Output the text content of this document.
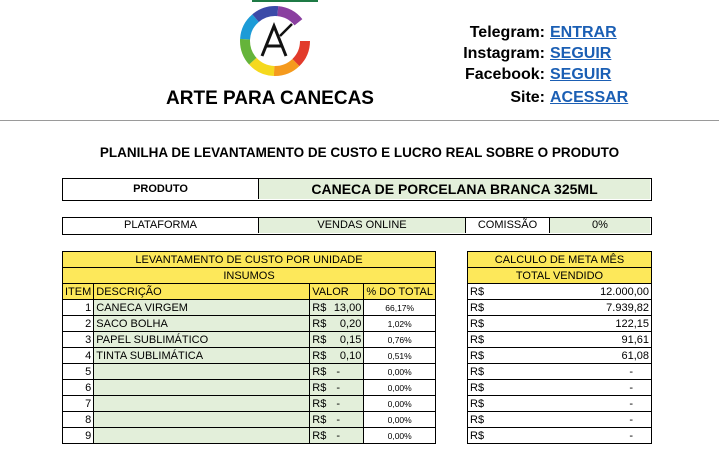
ARTE PARA CANECAS
Telegram: ENTRAR
Instagram: SEGUIR
Facebook: SEGUIR
Site: ACESSAR
PLANILHA DE LEVANTAMENTO DE CUSTO E LUCRO REAL SOBRE O PRODUTO
PRODUTO	CANECA DE PORCELANA BRANCA 325ML
PLATAFORMA	VENDAS ONLINE	COMISSÃO	0%
LEVANTAMENTO DE CUSTO POR UNIDADE			
INSUMOS			
ITEM	DESCRIÇÃO	VALOR	% DO TOTAL
1	CANECA VIRGEM	R$ 13,00	66,17%
2	SACO BOLHA	R$ 0,20	1,02%
3	PAPEL SUBLIMÁTICO	R$ 0,15	0,76%
4	TINTA SUBLIMÁTICA	R$ 0,10	0,51%
5		R$ -	0,00%
6		R$ -	0,00%
7		R$ -	0,00%
8		R$ -	0,00%
9		R$ -	0,00%
CALCULO DE META MÊS
TOTAL VENDIDO

R$	12.000,00

R$	7.939,82

R$	122,15

R$	91,61

R$	61,08

R$	-

R$	-

R$	-

R$	-

R$	-
